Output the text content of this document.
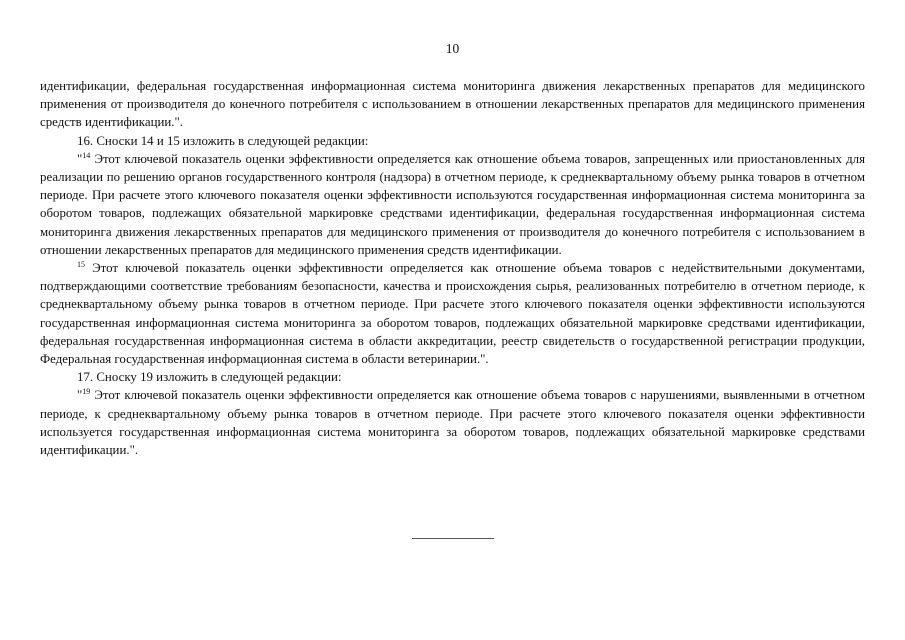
10

идентификации, федеральная государственная информационная система мониторинга движения лекарственных препаратов для медицинского применения от производителя до конечного потребителя с использованием в отношении лекарственных препаратов для медицинского применения средств идентификации.".

16. Сноски 14 и 15 изложить в следующей редакции:

"$^{14}$ Этот ключевой показатель оценки эффективности определяется как отношение объема товаров, запрещенных или приостановленных для реализации по решению органов государственного контроля (надзора) в отчетном периоде, к среднеквартальному объему рынка товаров в отчетном периоде. При расчете этого ключевого показателя оценки эффективности используются государственная информационная система мониторинга за оборотом товаров, подлежащих обязательной маркировке средствами идентификации, федеральная государственная информационная система мониторинга движения лекарственных препаратов для медицинского применения от производителя до конечного потребителя с использованием в отношении лекарственных препаратов для медицинского применения средств идентификации.

$^{15}$ Этот ключевой показатель оценки эффективности определяется как отношение объема товаров с недействительными документами, подтверждающими соответствие требованиям безопасности, качества и происхождения сырья, реализованных потребителю в отчетном периоде, к среднеквартальному объему рынка товаров в отчетном периоде. При расчете этого ключевого показателя оценки эффективности используются государственная информационная система мониторинга за оборотом товаров, подлежащих обязательной маркировке средствами идентификации, федеральная государственная информационная система в области аккредитации, реестр свидетельств о государственной регистрации продукции, Федеральная государственная информационная система в области ветеринарии.".

17. Сноску 19 изложить в следующей редакции:

"$^{19}$ Этот ключевой показатель оценки эффективности определяется как отношение объема товаров с нарушениями, выявленными в отчетном периоде, к среднеквартальному объему рынка товаров в отчетном периоде. При расчете этого ключевого показателя оценки эффективности используется государственная информационная система мониторинга за оборотом товаров, подлежащих обязательной маркировке средствами идентификации.".
